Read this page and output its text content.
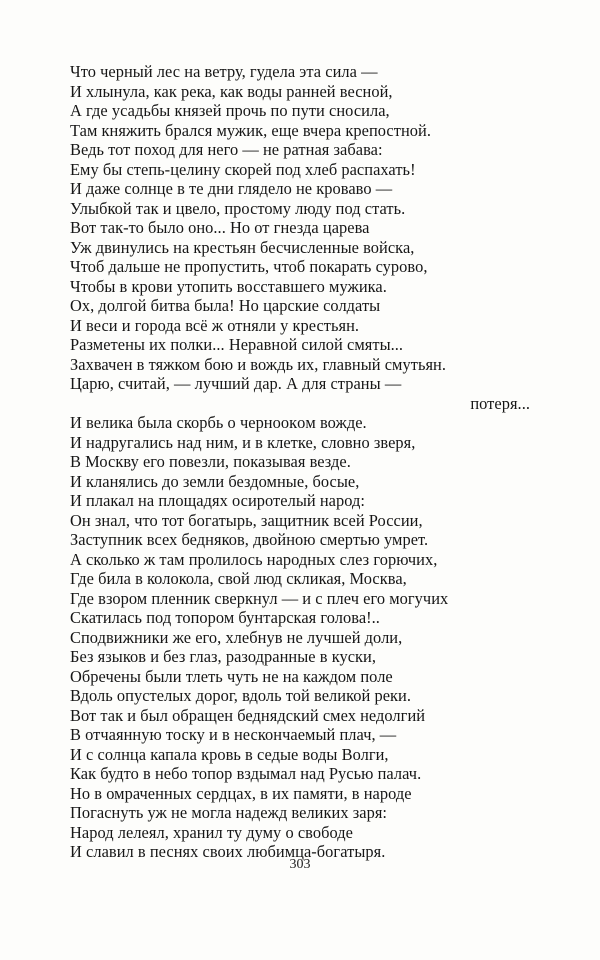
Что черный лес на ветру, гудела эта сила —
И хлынула, как река, как воды ранней весной,
А где усадьбы князей прочь по пути сносила,
Там княжить брался мужик, еще вчера крепостной.
Ведь тот поход для него — не ратная забава:
Ему бы степь-целину скорей под хлеб распахать!
И даже солнце в те дни глядело не кроваво —
Улыбкой так и цвело, простому люду под стать.
Вот так-то было оно... Но от гнезда царева
Уж двинулись на крестьян бесчисленные войска,
Чтоб дальше не пропустить, чтоб покарать сурово,
Чтобы в крови утопить восставшего мужика.
Ох, долгой битва была! Но царские солдаты
И веси и города всё ж отняли у крестьян.
Разметены их полки... Неравной силой смяты...
Захвачен в тяжком бою и вождь их, главный смутьян.
Царю, считай, — лучший дар. А для страны —
потеря...
И велика была скорбь о черноокoм вожде.
И надругались над ним, и в клетке, словно зверя,
В Москву его повезли, показывая везде.
И кланялись до земли бездомные, босые,
И плакал на площадях осиротелый народ:
Он знал, что тот богатырь, защитник всей России,
Заступник всех бедняков, двойною смертью умрет.
А сколько ж там пролилось народных слез горючих,
Где била в колокола, свой люд скликая, Москва,
Где взором пленник сверкнул — и с плеч его могучих
Скатилась под топором бунтарская голова!..
Сподвижники же его, хлебнув не лучшей доли,
Без языков и без глаз, разодранные в куски,
Обречены были тлеть чуть не на каждом поле
Вдоль опустелых дорог, вдоль той великой реки.
Вот так и был обращен беднядский смех недолгий
В отчаянную тоску и в нескончаемый плач, —
И с солнца капала кровь в седые воды Волги,
Как будто в небо топор вздымал над Русью палач.
Но в омраченных сердцах, в их памяти, в народе
Погаснуть уж не могла надежд великих заря:
Народ лелеял, хранил ту думу о свободе
И славил в песнях своих любимца-богатыря.
303
